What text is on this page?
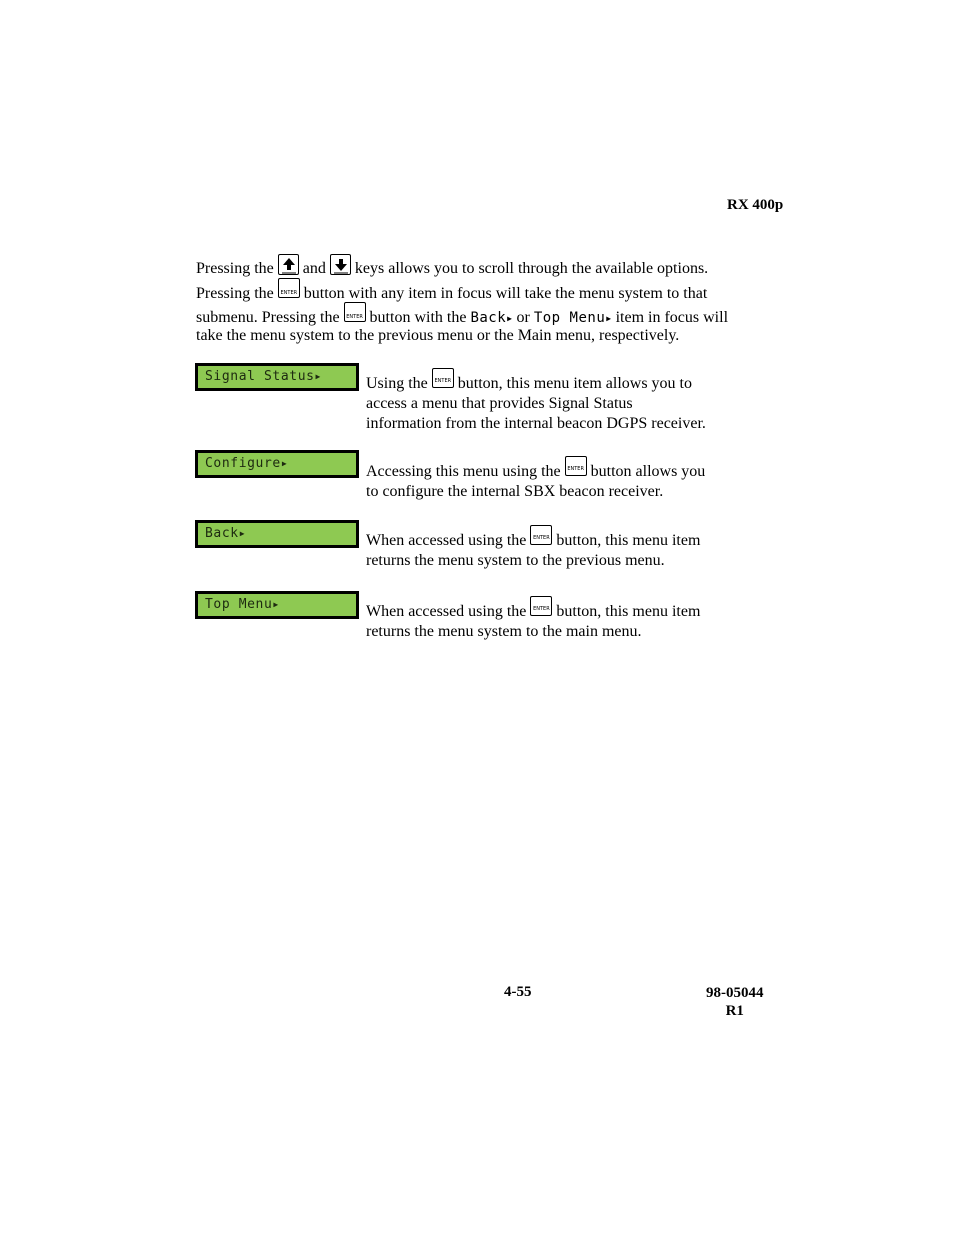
RX 400p
Pressing the and keys allows you to scroll through the available options.
Pressing the	ENTER button with any item in focus will take the menu system to that
submenu. Pressing the	ENTER button with the Back▶ or Top Menu▶ item in focus will
take the menu system to the previous menu or the Main menu, respectively.
Signal Status▶	Using the	ENTER button, this menu item allows you to
access a menu that provides Signal Status
information from the internal beacon DGPS receiver.
Configure▶	Accessing this menu using the	ENTER button allows you
to configure the internal SBX beacon receiver.
Back▶	When accessed using the	ENTER button, this menu item
returns the menu system to the previous menu.
Top Menu▶	When accessed using the	ENTER button, this menu item
returns the menu system to the main menu.
4-55	98-05044
R1
